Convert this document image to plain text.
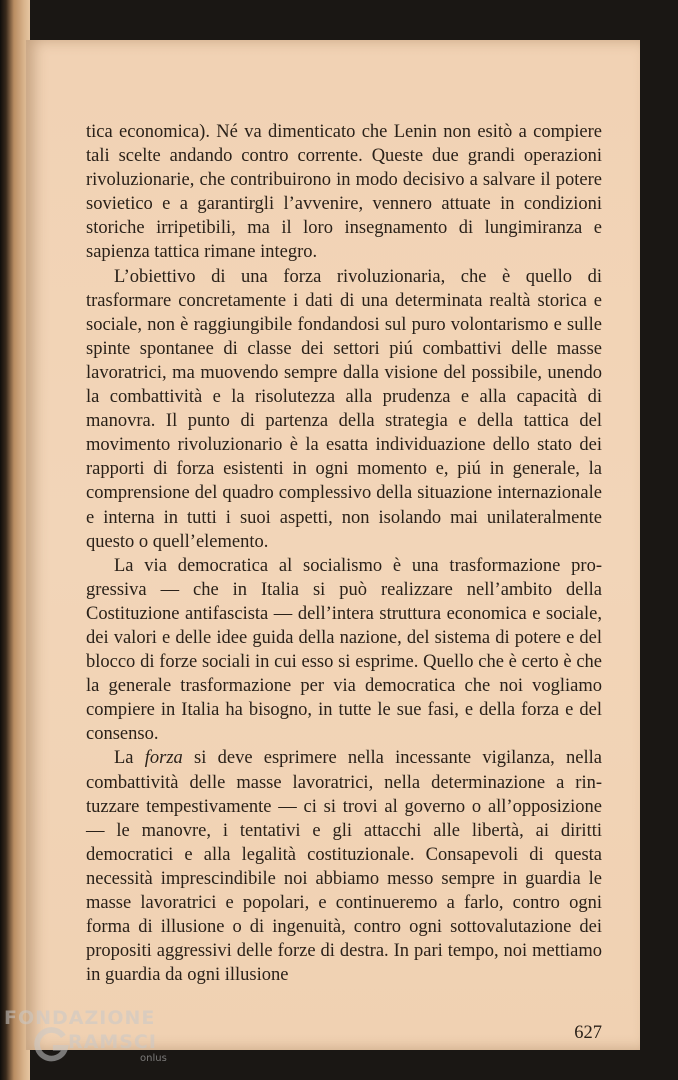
tica economica). Né va dimenticato che Lenin non esitò a compiere tali scelte andando contro corrente. Queste due grandi operazioni rivoluzionarie, che contribuirono in modo decisivo a salvare il potere sovietico e a garantirgli l’avvenire, vennero attuate in condizioni storiche irripetibili, ma il loro insegnamento di lungimiranza e sapienza tattica rimane integro.

L’obiettivo di una forza rivoluzionaria, che è quello di trasformare concretamente i dati di una determinata realtà storica e sociale, non è raggiungibile fondandosi sul puro volontarismo e sulle spinte spontanee di classe dei settori piú combattivi delle masse lavoratrici, ma muovendo sempre dalla visione del possibile, unendo la combattività e la risolutezza alla prudenza e alla capacità di manovra. Il punto di partenza della strategia e della tattica del movimento rivoluzionario è la esatta individuazione dello stato dei rapporti di forza esistenti in ogni momento e, piú in generale, la comprensione del quadro complessivo della situazione internazionale e interna in tutti i suoi aspetti, non isolando mai unilateralmente questo o quell’elemento.

La via democratica al socialismo è una trasformazione progressiva — che in Italia si può realizzare nell’ambito della Costituzione antifascista — dell’intera struttura economica e sociale, dei valori e delle idee guida della nazione, del sistema di potere e del blocco di forze sociali in cui esso si esprime. Quello che è certo è che la generale trasformazione per via democratica che noi vogliamo compiere in Italia ha bisogno, in tutte le sue fasi, e della forza e del consenso.

La forza si deve esprimere nella incessante vigilanza, nella combattività delle masse lavoratrici, nella determinazione a rintuzzare tempestivamente — ci si trovi al governo o all’opposizione — le manovre, i tentativi e gli attacchi alle libertà, ai diritti democratici e alla legalità costituzionale. Consapevoli di questa necessità imprescindibile noi abbiamo messo sempre in guardia le masse lavoratrici e popolari, e continueremo a farlo, contro ogni forma di illusione o di ingenuità, contro ogni sottovalutazione dei propositi aggressivi delle forze di destra. In pari tempo, noi mettiamo in guardia da ogni illusione

627
FONDAZIONE
RAMSCI
onlus
